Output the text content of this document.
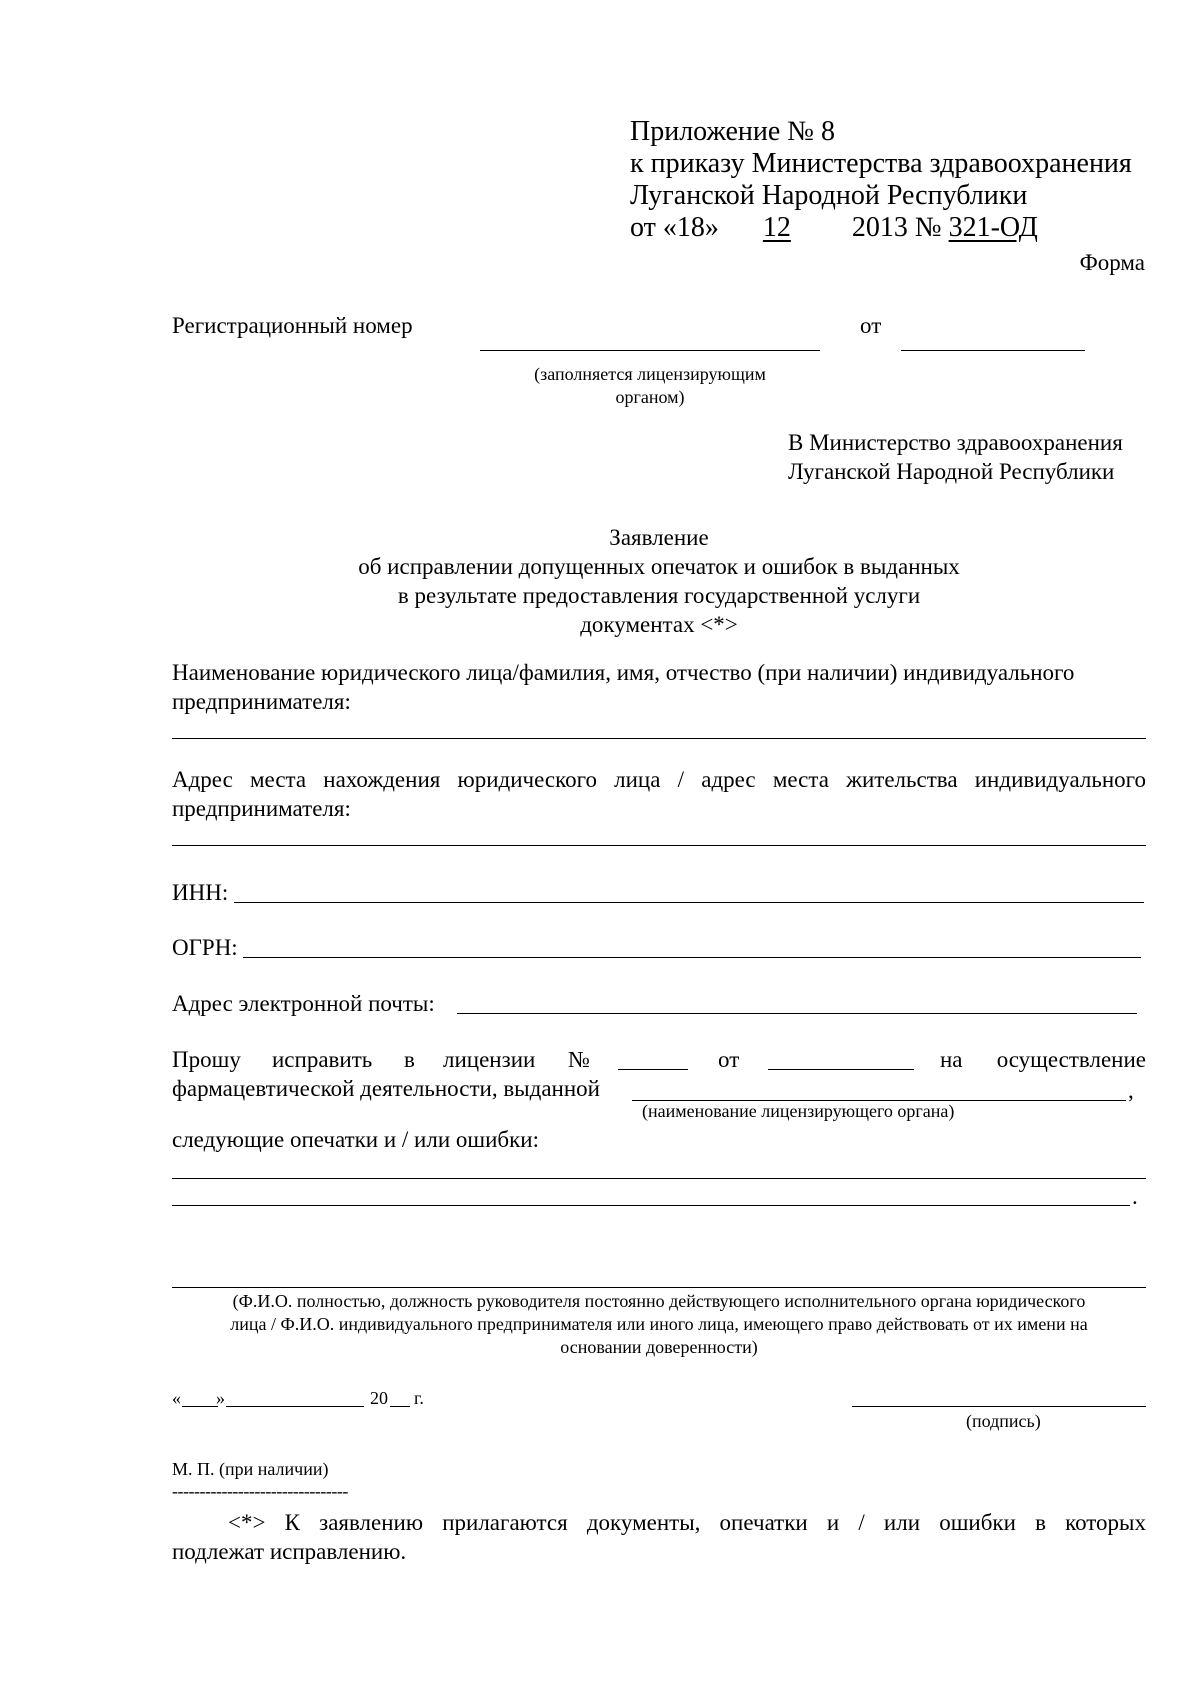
Приложение № 8
к приказу Министерства здравоохранения
Луганской Народной Республики
от «18» 12 2013 № 321-ОД
Форма
Регистрационный номер	от
(заполняется лицензирующим
органом)
В Министерство здравоохранения
Луганской Народной Республики
Заявление
об исправлении допущенных опечаток и ошибок в выданных
в результате предоставления государственной услуги
документах <*>
Наименование юридического лица/фамилия, имя, отчество (при наличии) индивидуального
предпринимателя:
Адрес места нахождения юридического лица / адрес места жительства индивидуального
предпринимателя:
ИНН:
ОГРН:
Адрес электронной почты:
Прошу исправить в лицензии №	от	на осуществление
фармацевтической деятельности, выданной	,
(наименование лицензирующего органа)
следующие опечатки и / или ошибки:
.
(Ф.И.О. полностью, должность руководителя постоянно действующего исполнительного органа юридического
лица / Ф.И.О. индивидуального предпринимателя или иного лица, имеющего право действовать от их имени на
основании доверенности)
« »	20 г.
(подпись)
М. П. (при наличии)
--------------------------------
<*> К заявлению прилагаются документы, опечатки и / или ошибки в которых
подлежат исправлению.
